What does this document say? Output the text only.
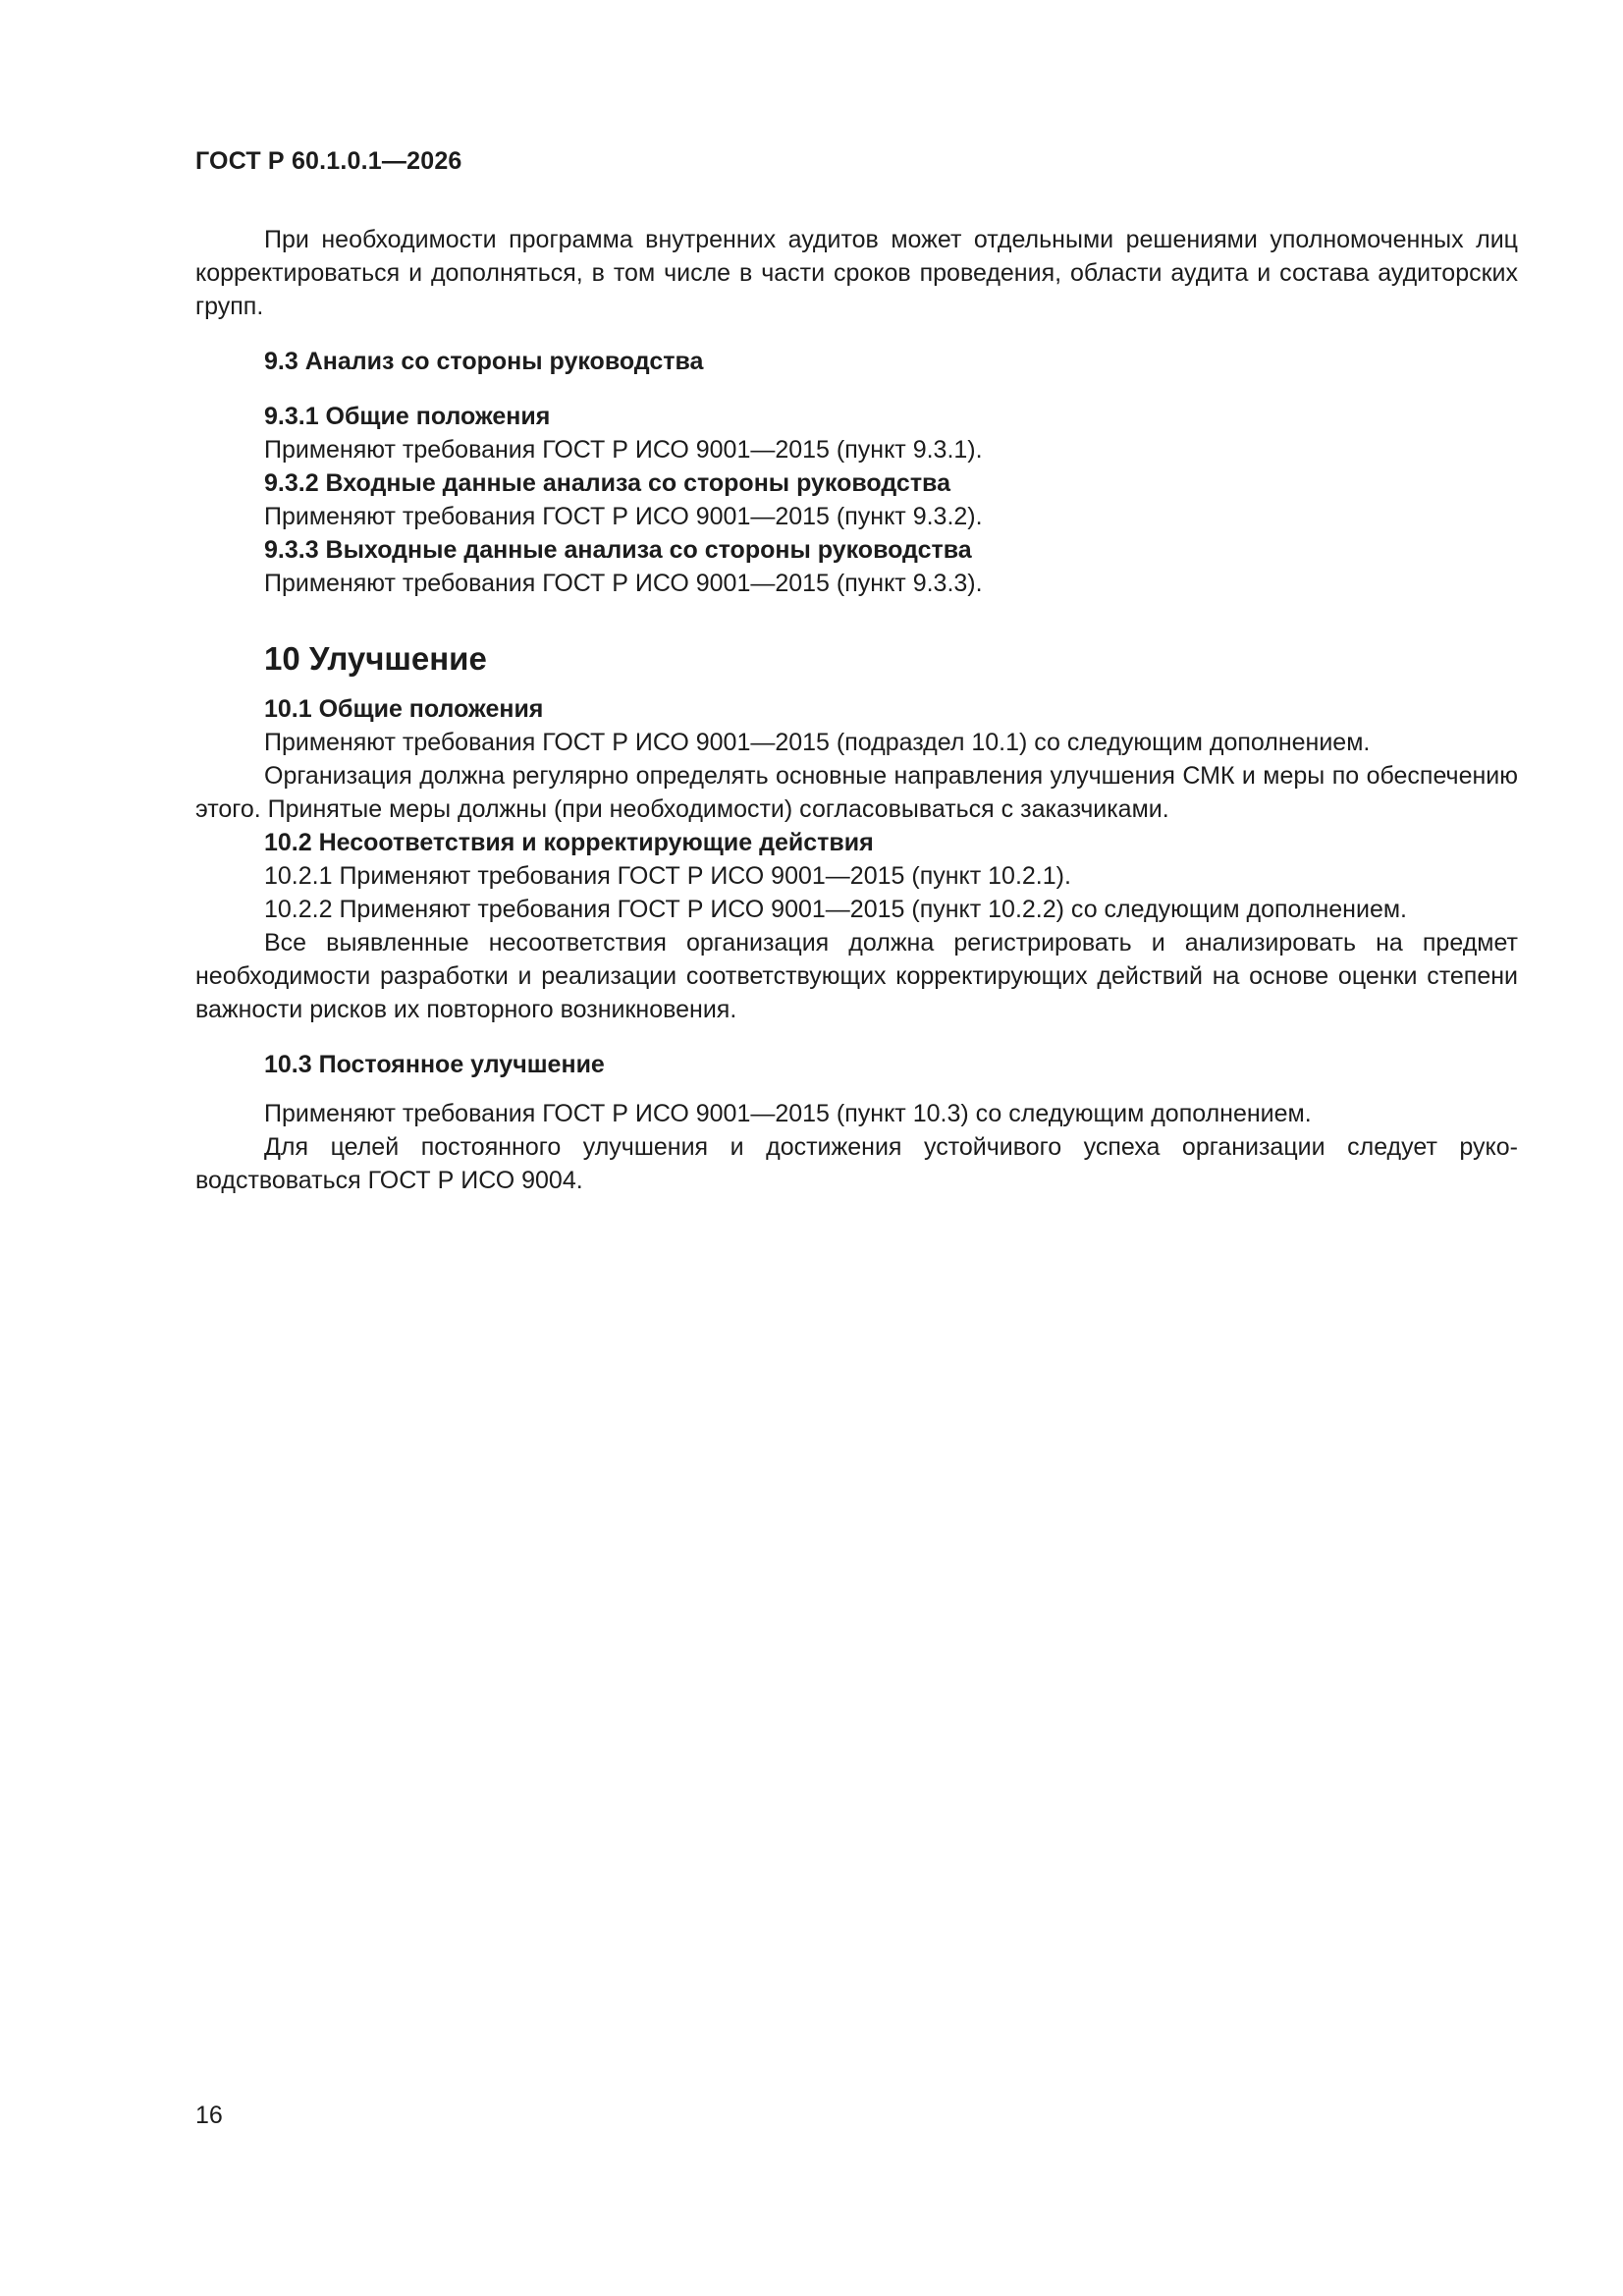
ГОСТ Р 60.1.0.1—2026

При необходимости программа внутренних аудитов может отдельными решениями уполномоченных лиц корректироваться и дополняться, в том числе в части сроков проведения, области аудита и состава аудиторских групп.

9.3 Анализ со стороны руководства

9.3.1 Общие положения

Применяют требования ГОСТ Р ИСО 9001—2015 (пункт 9.3.1).

9.3.2 Входные данные анализа со стороны руководства

Применяют требования ГОСТ Р ИСО 9001—2015 (пункт 9.3.2).

9.3.3 Выходные данные анализа со стороны руководства

Применяют требования ГОСТ Р ИСО 9001—2015 (пункт 9.3.3).

10 Улучшение

10.1 Общие положения

Применяют требования ГОСТ Р ИСО 9001—2015 (подраздел 10.1) со следующим дополнением.

Организация должна регулярно определять основные направления улучшения СМК и меры по обеспечению этого. Принятые меры должны (при необходимости) согласовываться с заказчиками.

10.2 Несоответствия и корректирующие действия

10.2.1 Применяют требования ГОСТ Р ИСО 9001—2015 (пункт 10.2.1).

10.2.2 Применяют требования ГОСТ Р ИСО 9001—2015 (пункт 10.2.2) со следующим дополнением.

Все выявленные несоответствия организация должна регистрировать и анализировать на предмет необходимости разработки и реализации соответствующих корректирующих действий на основе оценки степени важности рисков их повторного возникновения.

10.3 Постоянное улучшение

Применяют требования ГОСТ Р ИСО 9001—2015 (пункт 10.3) со следующим дополнением.

Для целей постоянного улучшения и достижения устойчивого успеха организации следует руководствоваться ГОСТ Р ИСО 9004.

16
